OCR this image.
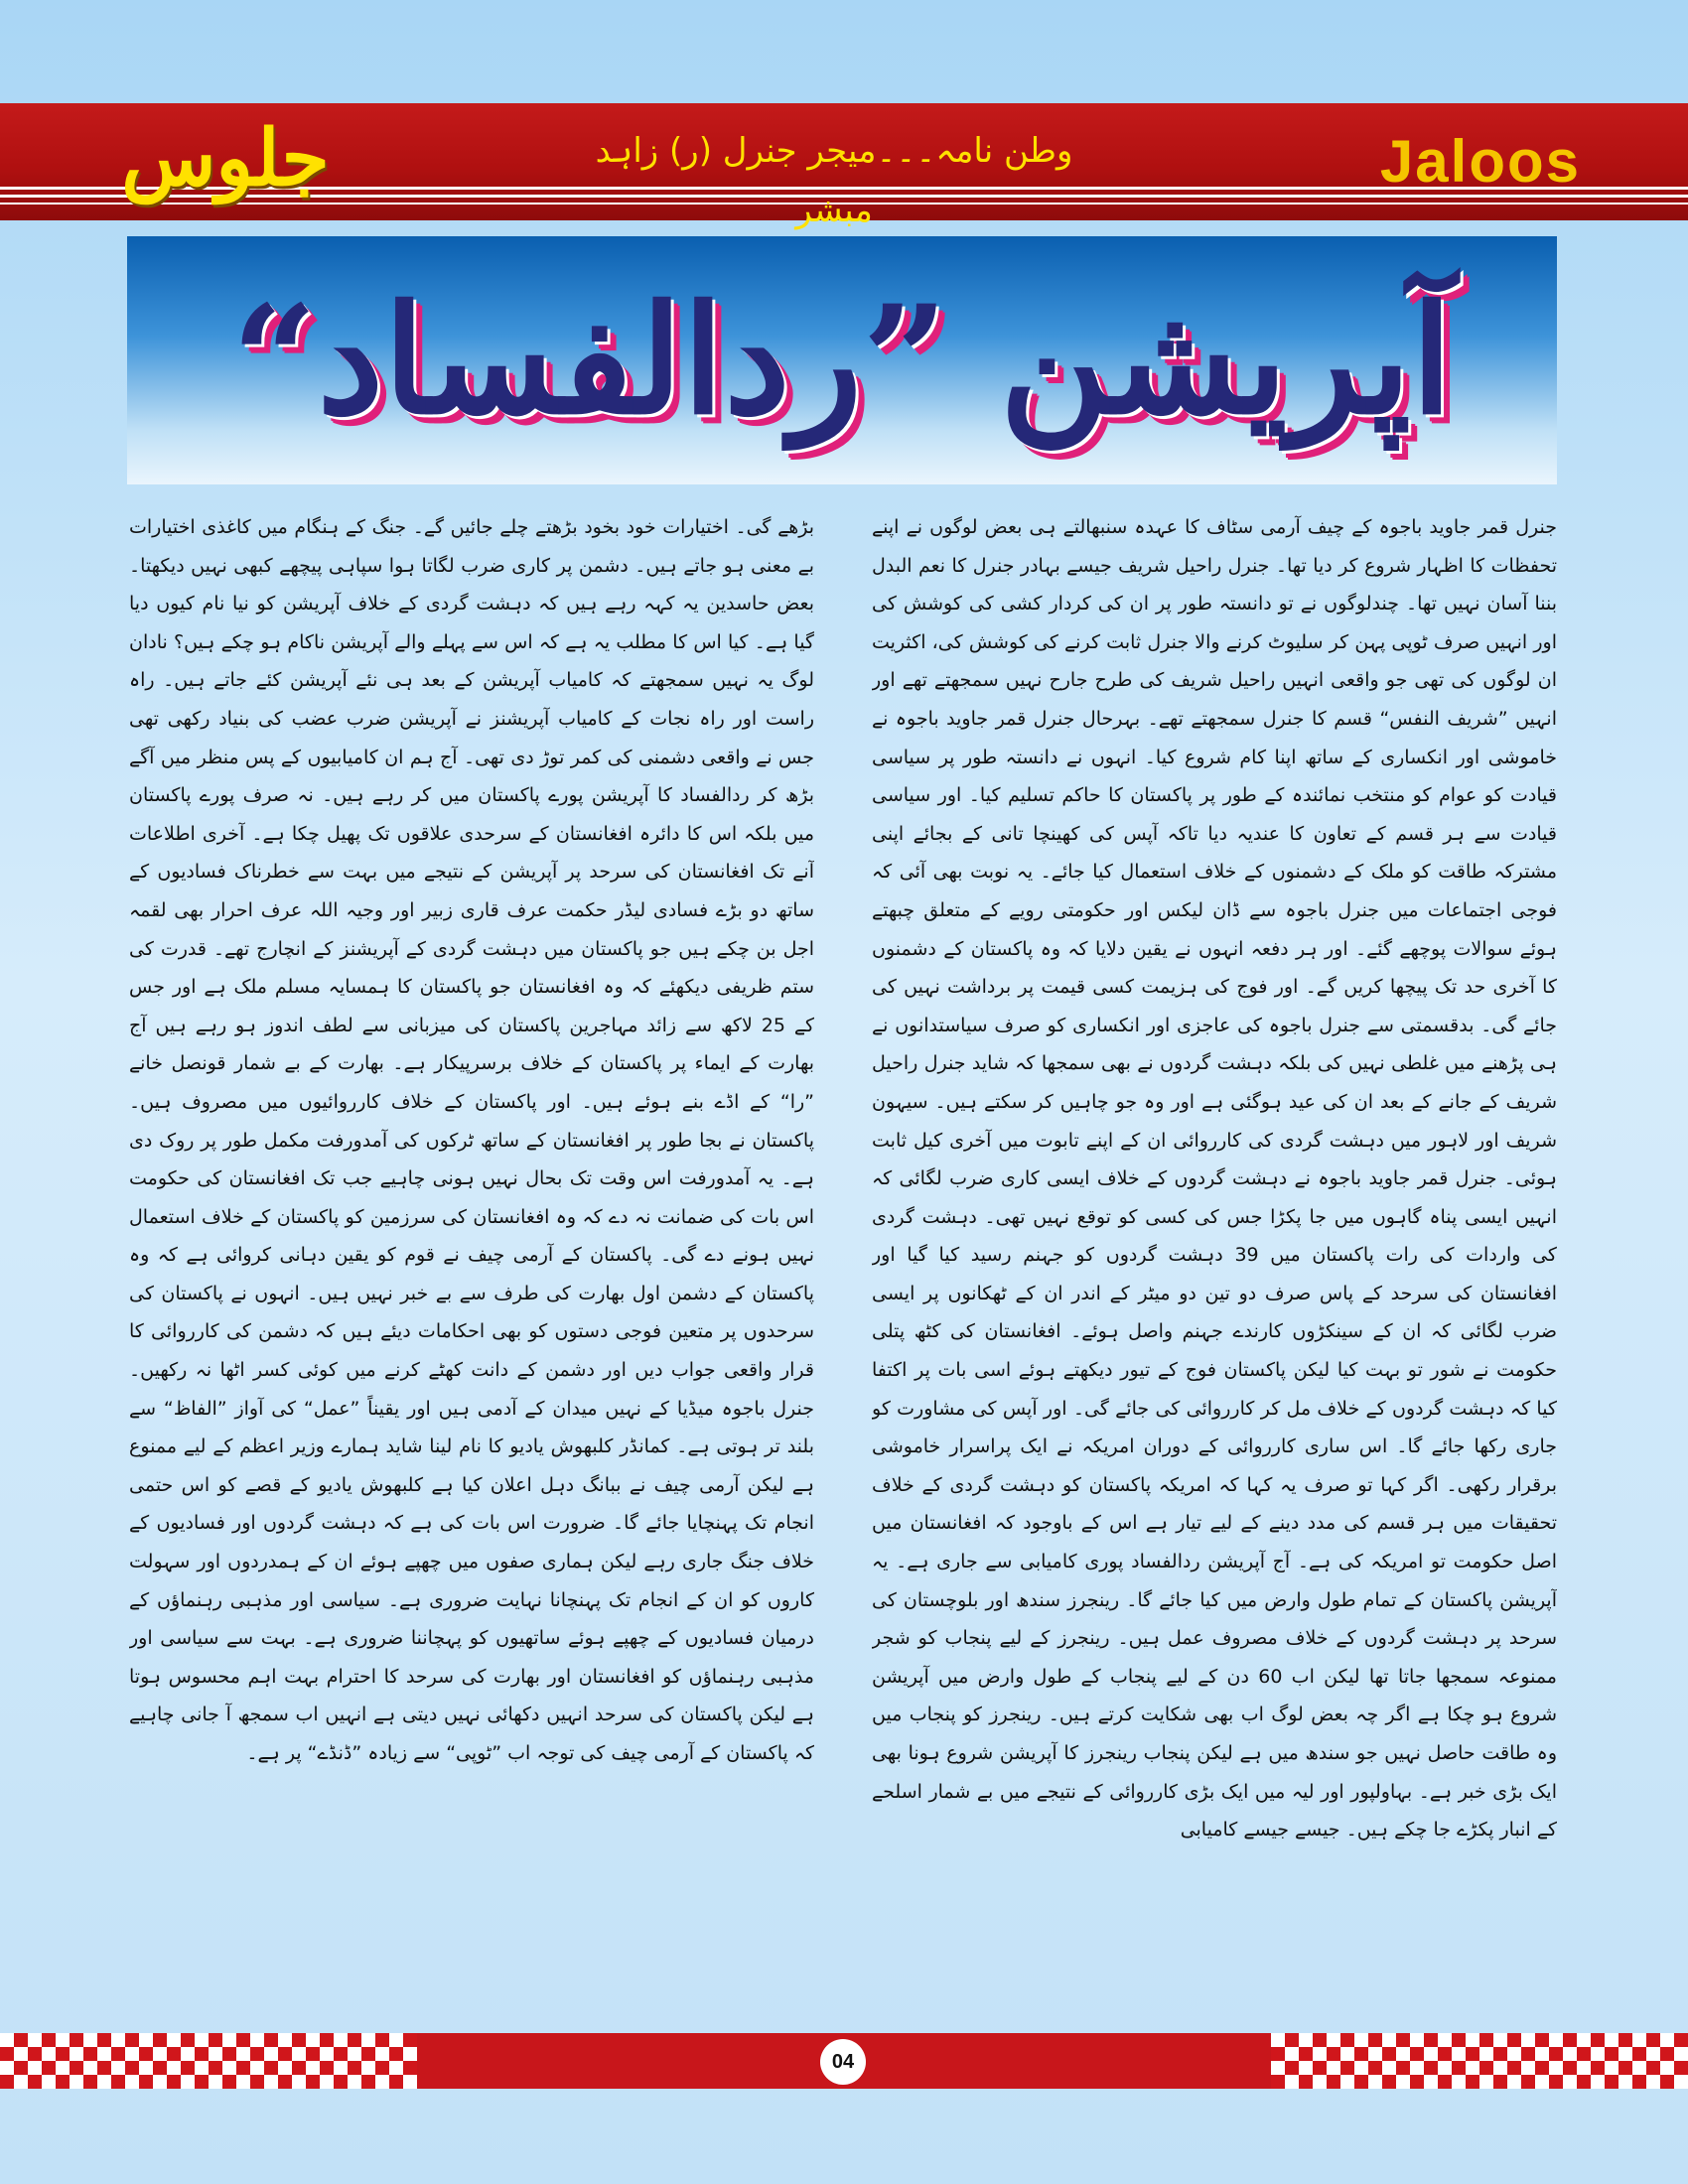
جلوس	وطن نامہ۔۔۔میجر جنرل (ر) زاہد مبشر
Jaloos
آپریشن ”ردالفساد“

جنرل قمر جاوید باجوہ کے چیف آرمی سٹاف کا عہدہ سنبھالتے ہی بعض لوگوں نے اپنے تحفظات کا اظہار شروع کر دیا تھا۔ جنرل راحیل شریف جیسے بہادر جنرل کا نعم البدل بننا آسان نہیں تھا۔ چندلوگوں نے تو دانستہ طور پر ان کی کردار کشی کی کوشش کی اور انہیں صرف ٹوپی پہن کر سلیوٹ کرنے والا جنرل ثابت کرنے کی کوشش کی، اکثریت ان لوگوں کی تھی جو واقعی انہیں راحیل شریف کی طرح جارح نہیں سمجھتے تھے اور انہیں ”شریف النفس“ قسم کا جنرل سمجھتے تھے۔ بہرحال جنرل قمر جاوید باجوہ نے خاموشی اور انکساری کے ساتھ اپنا کام شروع کیا۔ انہوں نے دانستہ طور پر سیاسی قیادت کو عوام کو منتخب نمائندہ کے طور پر پاکستان کا حاکم تسلیم کیا۔ اور سیاسی قیادت سے ہر قسم کے تعاون کا عندیہ دیا تاکہ آپس کی کھینچا تانی کے بجائے اپنی مشترکہ طاقت کو ملک کے دشمنوں کے خلاف استعمال کیا جائے۔ یہ نوبت بھی آئی کہ فوجی اجتماعات میں جنرل باجوہ سے ڈان لیکس اور حکومتی رویے کے متعلق چبھتے ہوئے سوالات پوچھے گئے۔ اور ہر دفعہ انہوں نے یقین دلایا کہ وہ پاکستان کے دشمنوں کا آخری حد تک پیچھا کریں گے۔ اور فوج کی ہزیمت کسی قیمت پر برداشت نہیں کی جائے گی۔ بدقسمتی سے جنرل باجوہ کی عاجزی اور انکساری کو صرف سیاستدانوں نے ہی پڑھنے میں غلطی نہیں کی بلکہ دہشت گردوں نے بھی سمجھا کہ شاید جنرل راحیل شریف کے جانے کے بعد ان کی عید ہوگئی ہے اور وہ جو چاہیں کر سکتے ہیں۔ سیہون شریف اور لاہور میں دہشت گردی کی کارروائی ان کے اپنے تابوت میں آخری کیل ثابت ہوئی۔ جنرل قمر جاوید باجوہ نے دہشت گردوں کے خلاف ایسی کاری ضرب لگائی کہ انہیں ایسی پناہ گاہوں میں جا پکڑا جس کی کسی کو توقع نہیں تھی۔ دہشت گردی کی واردات کی رات پاکستان میں 39 دہشت گردوں کو جہنم رسید کیا گیا اور افغانستان کی سرحد کے پاس صرف دو تین دو میٹر کے اندر ان کے ٹھکانوں پر ایسی ضرب لگائی کہ ان کے سینکڑوں کارندے جہنم واصل ہوئے۔ افغانستان کی کٹھ پتلی حکومت نے شور تو بہت کیا لیکن پاکستان فوج کے تیور دیکھتے ہوئے اسی بات پر اکتفا کیا کہ دہشت گردوں کے خلاف مل کر کارروائی کی جائے گی۔ اور آپس کی مشاورت کو جاری رکھا جائے گا۔ اس ساری کارروائی کے دوران امریکہ نے ایک پراسرار خاموشی برقرار رکھی۔ اگر کہا تو صرف یہ کہا کہ امریکہ پاکستان کو دہشت گردی کے خلاف تحقیقات میں ہر قسم کی مدد دینے کے لیے تیار ہے اس کے باوجود کہ افغانستان میں اصل حکومت تو امریکہ کی ہے۔ آج آپریشن ردالفساد پوری کامیابی سے جاری ہے۔ یہ آپریشن پاکستان کے تمام طول وارض میں کیا جائے گا۔ رینجرز سندھ اور بلوچستان کی سرحد پر دہشت گردوں کے خلاف مصروف عمل ہیں۔ رینجرز کے لیے پنجاب کو شجر ممنوعہ سمجھا جاتا تھا لیکن اب 60 دن کے لیے پنجاب کے طول وارض میں آپریشن شروع ہو چکا ہے اگر چہ بعض لوگ اب بھی شکایت کرتے ہیں۔ رینجرز کو پنجاب میں وہ طاقت حاصل نہیں جو سندھ میں ہے لیکن پنجاب رینجرز کا آپریشن شروع ہونا بھی ایک بڑی خبر ہے۔ بہاولپور اور لیہ میں ایک بڑی کارروائی کے نتیجے میں بے شمار اسلحے کے انبار پکڑے جا چکے ہیں۔ جیسے جیسے کامیابی

بڑھے گی۔ اختیارات خود بخود بڑھتے چلے جائیں گے۔ جنگ کے ہنگام میں کاغذی اختیارات بے معنی ہو جاتے ہیں۔ دشمن پر کاری ضرب لگاتا ہوا سپاہی پیچھے کبھی نہیں دیکھتا۔ بعض حاسدین یہ کہہ رہے ہیں کہ دہشت گردی کے خلاف آپریشن کو نیا نام کیوں دیا گیا ہے۔ کیا اس کا مطلب یہ ہے کہ اس سے پہلے والے آپریشن ناکام ہو چکے ہیں؟ نادان لوگ یہ نہیں سمجھتے کہ کامیاب آپریشن کے بعد ہی نئے آپریشن کئے جاتے ہیں۔ راہ راست اور راہ نجات کے کامیاب آپریشنز نے آپریشن ضرب عضب کی بنیاد رکھی تھی جس نے واقعی دشمنی کی کمر توڑ دی تھی۔ آج ہم ان کامیابیوں کے پس منظر میں آگے بڑھ کر ردالفساد کا آپریشن پورے پاکستان میں کر رہے ہیں۔ نہ صرف پورے پاکستان میں بلکہ اس کا دائرہ افغانستان کے سرحدی علاقوں تک پھیل چکا ہے۔ آخری اطلاعات آنے تک افغانستان کی سرحد پر آپریشن کے نتیجے میں بہت سے خطرناک فسادیوں کے ساتھ دو بڑے فسادی لیڈر حکمت عرف قاری زبیر اور وجیہ اللہ عرف احرار بھی لقمہ اجل بن چکے ہیں جو پاکستان میں دہشت گردی کے آپریشنز کے انچارج تھے۔ قدرت کی ستم ظریفی دیکھئے کہ وہ افغانستان جو پاکستان کا ہمسایہ مسلم ملک ہے اور جس کے 25 لاکھ سے زائد مہاجرین پاکستان کی میزبانی سے لطف اندوز ہو رہے ہیں آج بھارت کے ایماء پر پاکستان کے خلاف برسرپیکار ہے۔ بھارت کے بے شمار قونصل خانے ”را“ کے اڈے بنے ہوئے ہیں۔ اور پاکستان کے خلاف کارروائیوں میں مصروف ہیں۔ پاکستان نے بجا طور پر افغانستان کے ساتھ ٹرکوں کی آمدورفت مکمل طور پر روک دی ہے۔ یہ آمدورفت اس وقت تک بحال نہیں ہونی چاہیے جب تک افغانستان کی حکومت اس بات کی ضمانت نہ دے کہ وہ افغانستان کی سرزمین کو پاکستان کے خلاف استعمال نہیں ہونے دے گی۔ پاکستان کے آرمی چیف نے قوم کو یقین دہانی کروائی ہے کہ وہ پاکستان کے دشمن اول بھارت کی طرف سے بے خبر نہیں ہیں۔ انہوں نے پاکستان کی سرحدوں پر متعین فوجی دستوں کو بھی احکامات دیئے ہیں کہ دشمن کی کارروائی کا قرار واقعی جواب دیں اور دشمن کے دانت کھٹے کرنے میں کوئی کسر اٹھا نہ رکھیں۔ جنرل باجوہ میڈیا کے نہیں میدان کے آدمی ہیں اور یقیناً ”عمل“ کی آواز ”الفاظ“ سے بلند تر ہوتی ہے۔ کمانڈر کلبھوش یادیو کا نام لینا شاید ہمارے وزیر اعظم کے لیے ممنوع ہے لیکن آرمی چیف نے ببانگ دہل اعلان کیا ہے کلبھوش یادیو کے قصے کو اس حتمی انجام تک پہنچایا جائے گا۔ ضرورت اس بات کی ہے کہ دہشت گردوں اور فسادیوں کے خلاف جنگ جاری رہے لیکن ہماری صفوں میں چھپے ہوئے ان کے ہمدردوں اور سہولت کاروں کو ان کے انجام تک پہنچانا نہایت ضروری ہے۔ سیاسی اور مذہبی رہنماؤں کے درمیان فسادیوں کے چھپے ہوئے ساتھیوں کو پہچاننا ضروری ہے۔ بہت سے سیاسی اور مذہبی رہنماؤں کو افغانستان اور بھارت کی سرحد کا احترام بہت اہم محسوس ہوتا ہے لیکن پاکستان کی سرحد انہیں دکھائی نہیں دیتی ہے انہیں اب سمجھ آ جانی چاہیے کہ پاکستان کے آرمی چیف کی توجہ اب ”ٹوپی“ سے زیادہ ”ڈنڈے“ پر ہے۔

04
